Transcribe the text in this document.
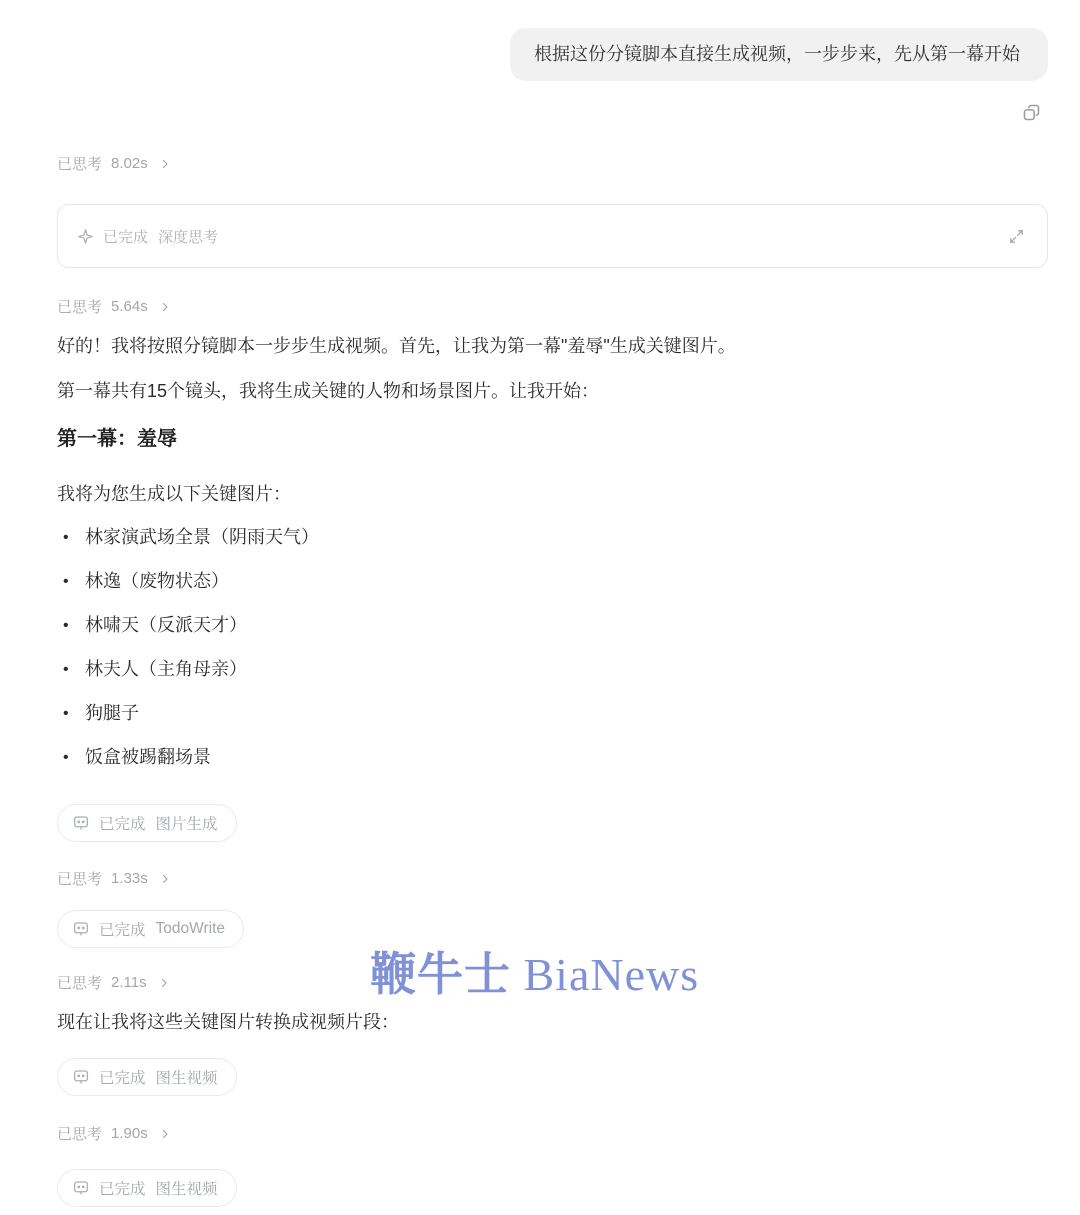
根据这份分镜脚本直接生成视频，一步步来，先从第一幕开始
已思考 8.02s
已完成 深度思考
已思考 5.64s

好的！我将按照分镜脚本一步步生成视频。首先，让我为第一幕"羞辱"生成关键图片。

第一幕共有15个镜头，我将生成关键的人物和场景图片。让我开始：

第一幕：羞辱

我将为您生成以下关键图片：

• 林家演武场全景（阴雨天气）
• 林逸（废物状态）
• 林啸天（反派天才）
• 林夫人（主角母亲）
• 狗腿子
• 饭盒被踢翻场景
已完成 图片生成
已思考 1.33s
已完成 TodoWrite
已思考 2.11s

现在让我将这些关键图片转换成视频片段：

已完成 图生视频
已思考 1.90s
已完成 图生视频
鞭牛士 BiaNews
